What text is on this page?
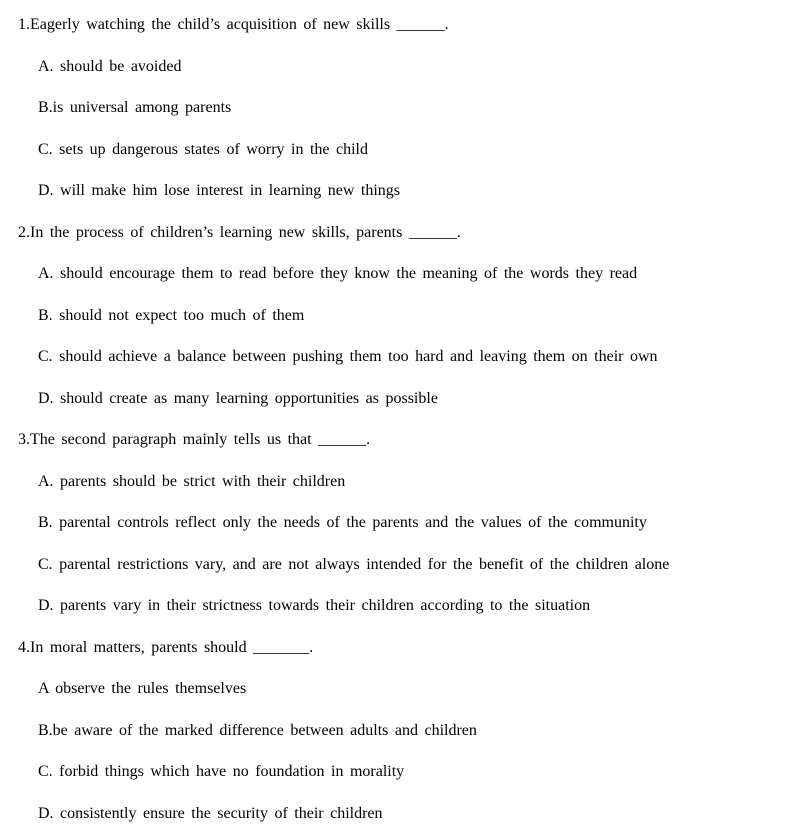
1.Eagerly watching the child’s acquisition of new skills ______.

A. should be avoided

B.is universal among parents

C. sets up dangerous states of worry in the child

D. will make him lose interest in learning new things

2.In the process of children’s learning new skills, parents ______.

A. should encourage them to read before they know the meaning of the words they read

B. should not expect too much of them

C. should achieve a balance between pushing them too hard and leaving them on their own

D. should create as many learning opportunities as possible

3.The second paragraph mainly tells us that ______.

A. parents should be strict with their children

B. parental controls reflect only the needs of the parents and the values of the community

C. parental restrictions vary, and are not always intended for the benefit of the children alone

D. parents vary in their strictness towards their children according to the situation

4.In moral matters, parents should _______.

A observe the rules themselves

B.be aware of the marked difference between adults and children

C. forbid things which have no foundation in morality

D. consistently ensure the security of their children
